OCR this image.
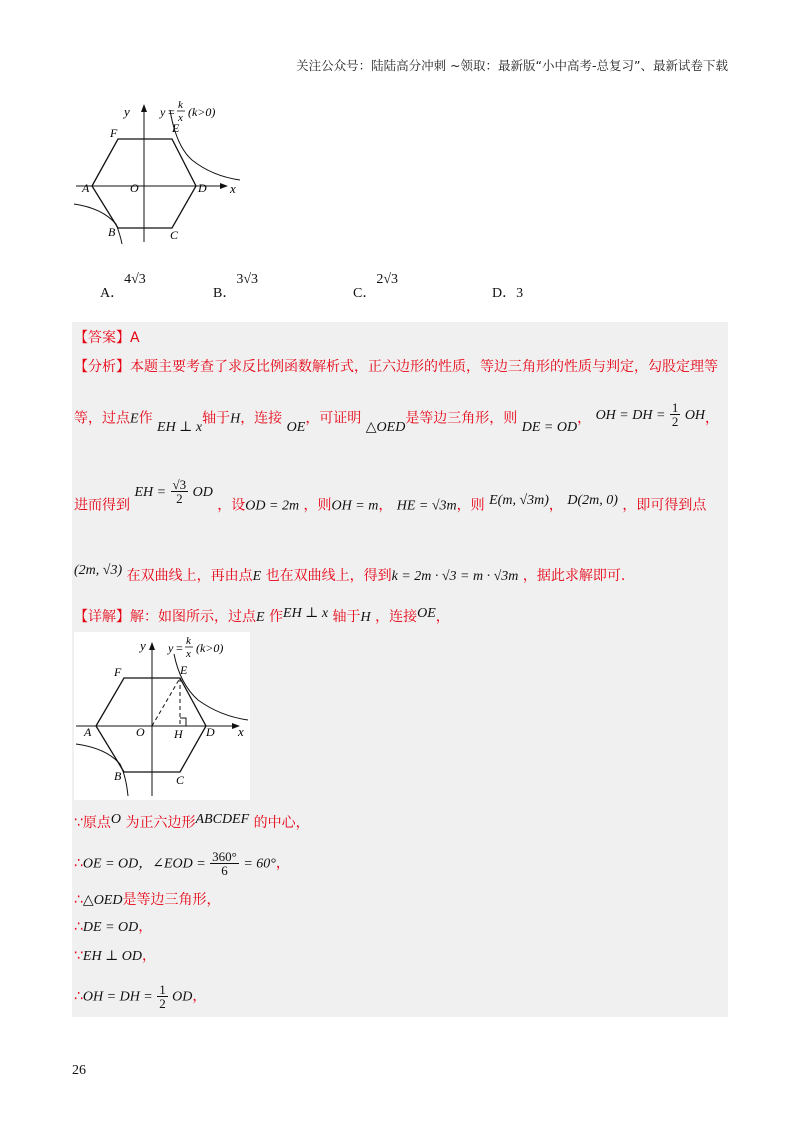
关注公众号：陆陆高分冲刺 ~领取：最新版“小中高考-总复习”、最新试卷下载
y
x
F	E
A	O	D
B	C
y = k
x (k>0)
A．4√3
B．3√3
C．2√3
D．3
【答案】A
【分析】本题主要考查了求反比例函数解析式，正六边形的性质，等边三角形的性质与判定，勾股定理等
等，过点E作 EH ⊥ x轴于H，连接 OE，可证明 △OED是等边三角形，则 DE = OD， OH = DH = $\frac{1}{2}$ OH，
进而得到 EH = $\frac{√3}{2}$ OD ，设OD = 2m ，则OH = m， HE = √3m，则 E(m, √3m)， D(2m, 0) ，即可得到点
(2m, √3) 在双曲线上，再由点E 也在双曲线上，得到k = 2m · √3 = m · √3m ，据此求解即可.
【详解】解：如图所示，过点E 作EH ⊥ x 轴于H ，连接OE，
y
x
F	E
A	O H D
B	C
y = k
x (k>0)
∵原点O 为正六边形ABCDEF 的中心，
∴OE = OD，∠EOD = $\frac{360^\circ}{6} = 60^\circ$，
∴△OED是等边三角形，
∴DE = OD，
∵EH ⊥ OD，
∴OH = DH = $\frac{1}{2}$ OD，
26
